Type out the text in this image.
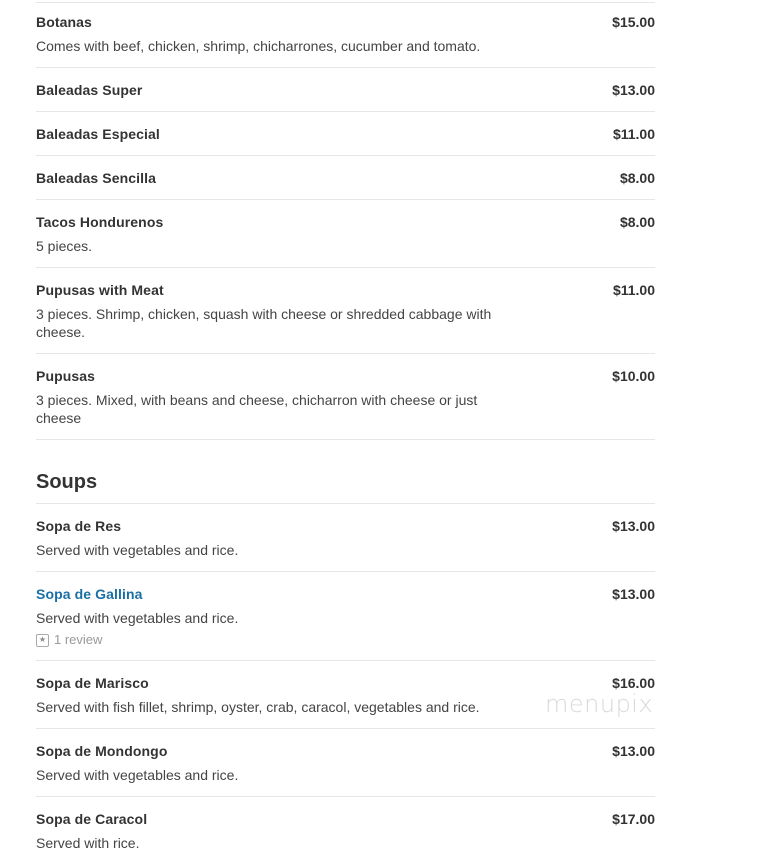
Botanas	$15.00
Comes with beef, chicken, shrimp, chicharrones, cucumber and tomato.
Baleadas Super	$13.00
Baleadas Especial	$11.00
Baleadas Sencilla	$8.00
Tacos Hondurenos	$8.00
5 pieces.
Pupusas with Meat	$11.00
3 pieces. Shrimp, chicken, squash with cheese or shredded cabbage with cheese.
Pupusas	$10.00
3 pieces. Mixed, with beans and cheese, chicharron with cheese or just cheese
Soups
Sopa de Res	$13.00
Served with vegetables and rice.
Sopa de Gallina	$13.00
Served with vegetables and rice.
★ 1 review
Sopa de Marisco	$16.00
Served with fish fillet, shrimp, oyster, crab, caracol, vegetables and rice.
Sopa de Mondongo	$13.00
Served with vegetables and rice.
Sopa de Caracol	$17.00
Served with rice.
menupix
